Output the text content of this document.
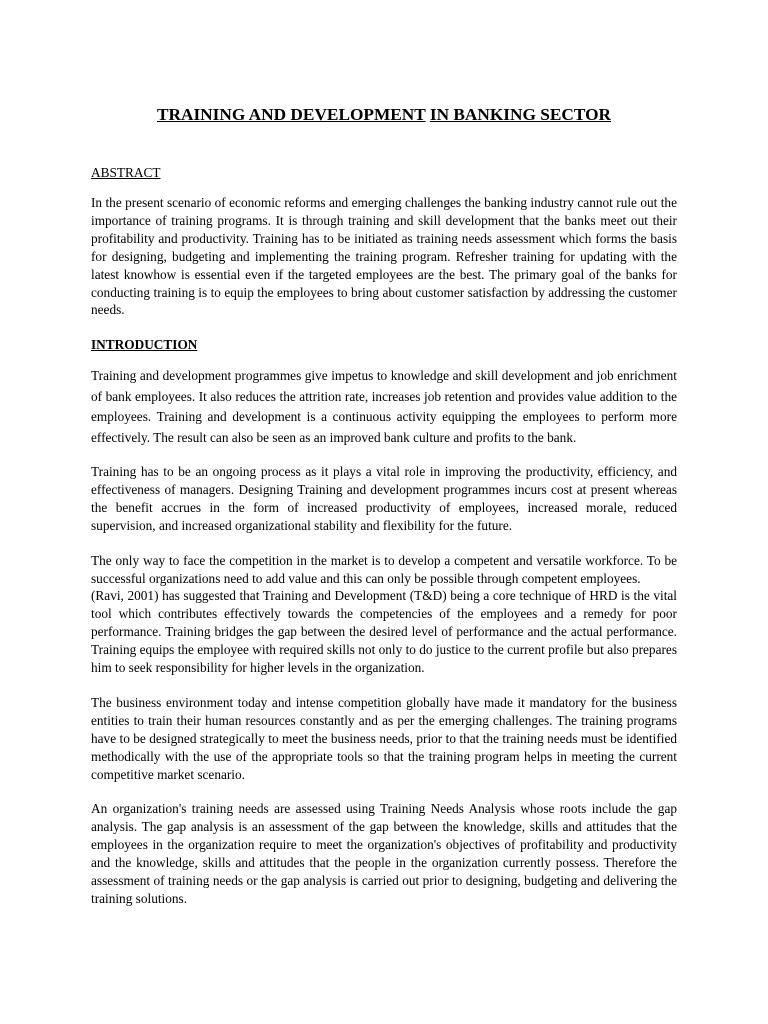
TRAINING AND DEVELOPMENT IN BANKING SECTOR
ABSTRACT

In the present scenario of economic reforms and emerging challenges the banking industry cannot rule out the importance of training programs. It is through training and skill development that the banks meet out their profitability and productivity. Training has to be initiated as training needs assessment which forms the basis for designing, budgeting and implementing the training program. Refresher training for updating with the latest knowhow is essential even if the targeted employees are the best. The primary goal of the banks for conducting training is to equip the employees to bring about customer satisfaction by addressing the customer needs.

INTRODUCTION

Training and development programmes give impetus to knowledge and skill development and job enrichment of bank employees. It also reduces the attrition rate, increases job retention and provides value addition to the employees. Training and development is a continuous activity equipping the employees to perform more effectively. The result can also be seen as an improved bank culture and profits to the bank.

Training has to be an ongoing process as it plays a vital role in improving the productivity, efficiency, and effectiveness of managers. Designing Training and development programmes incurs cost at present whereas the benefit accrues in the form of increased productivity of employees, increased morale, reduced supervision, and increased organizational stability and flexibility for the future.

The only way to face the competition in the market is to develop a competent and versatile workforce. To be successful organizations need to add value and this can only be possible through competent employees.

(Ravi, 2001) has suggested that Training and Development (T&D) being a core technique of HRD is the vital tool which contributes effectively towards the competencies of the employees and a remedy for poor performance. Training bridges the gap between the desired level of performance and the actual performance. Training equips the employee with required skills not only to do justice to the current profile but also prepares him to seek responsibility for higher levels in the organization.

The business environment today and intense competition globally have made it mandatory for the business entities to train their human resources constantly and as per the emerging challenges. The training programs have to be designed strategically to meet the business needs, prior to that the training needs must be identified methodically with the use of the appropriate tools so that the training program helps in meeting the current competitive market scenario.

An organization's training needs are assessed using Training Needs Analysis whose roots include the gap analysis. The gap analysis is an assessment of the gap between the knowledge, skills and attitudes that the employees in the organization require to meet the organization's objectives of profitability and productivity and the knowledge, skills and attitudes that the people in the organization currently possess. Therefore the assessment of training needs or the gap analysis is carried out prior to designing, budgeting and delivering the training solutions.
